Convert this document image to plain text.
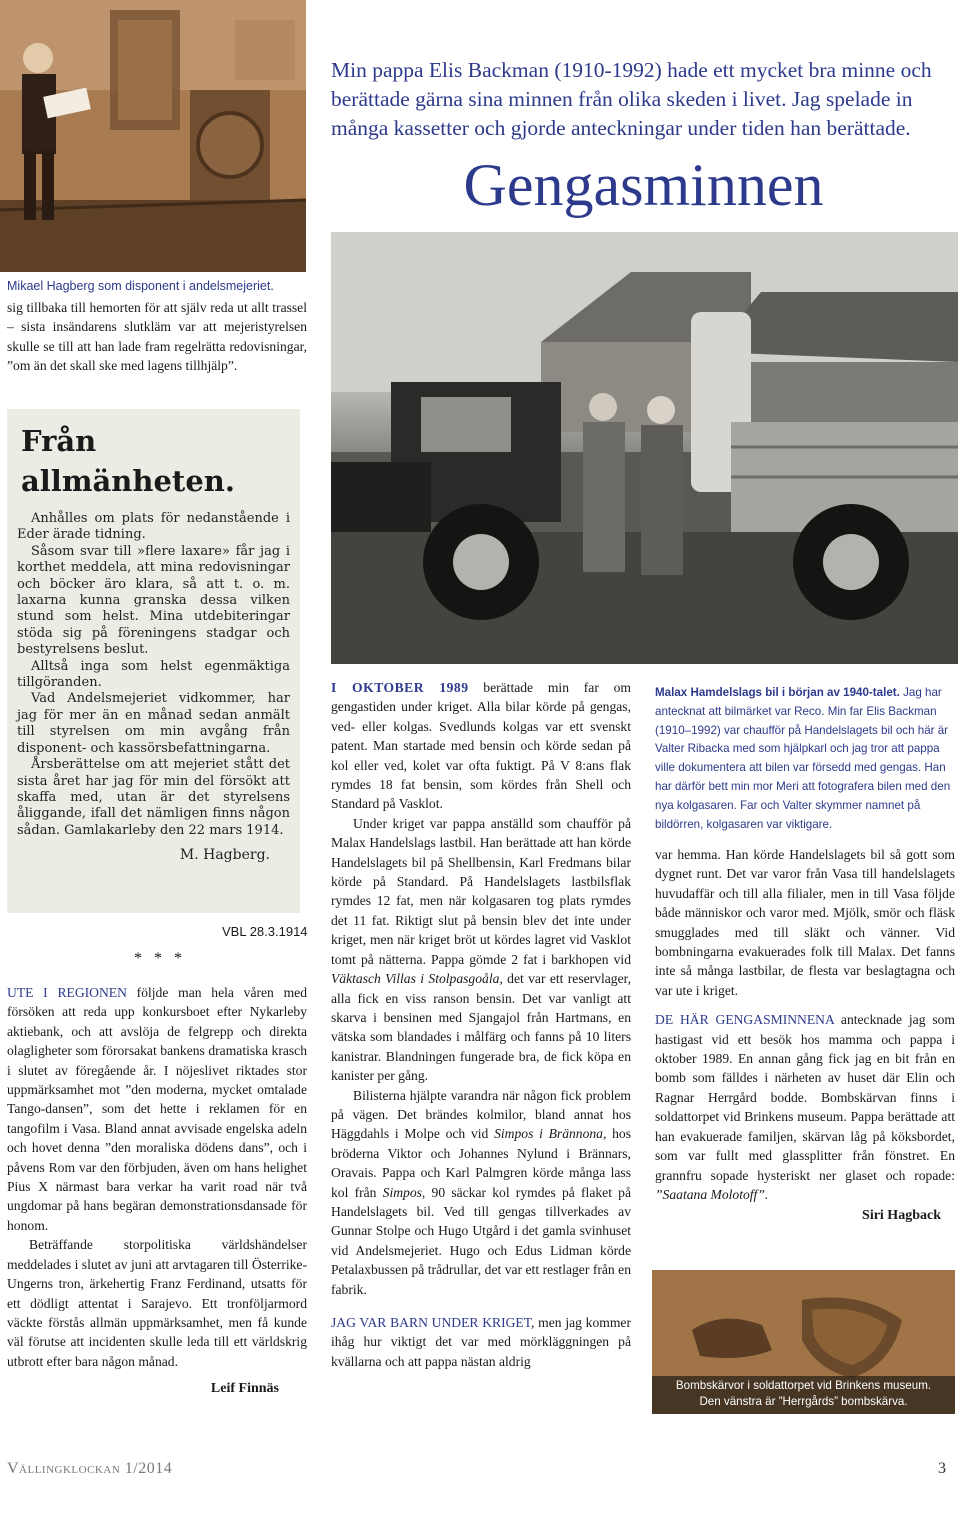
Min pappa Elis Backman (1910-1992) hade ett mycket bra minne och berättade gärna sina minnen från olika skeden i livet. Jag spelade in många kassetter och gjorde anteckningar under tiden han berättade.

Gengasminnen
Mikael Hagberg som disponent i andelsmejeriet.

sig tillbaka till hemorten för att själv reda ut allt trassel – sista insändarens slutkläm var att mejeristyrelsen skulle se till att han lade fram regelrätta redovisningar, ”om än det skall ske med lagens tillhjälp”.

Från allmänheten.

Anhålles om plats för nedanstående i Eder ärade tidning.

Såsom svar till »flere laxare» får jag i korthet meddela, att mina redovisningar och böcker äro klara, så att t. o. m. laxarna kunna granska dessa vilken stund som helst. Mina utdebiteringar stöda sig på föreningens stadgar och bestyrelsens beslut.

Alltså inga som helst egenmäktiga tillgöranden.

Vad Andelsmejeriet vidkommer, har jag för mer än en månad sedan anmält till styrelsen om min avgång från disponent- och kassörsbefattningarna.

Årsberättelse om att mejeriet stått det sista året har jag för min del försökt att skaffa med, utan är det styrelsens åliggande, ifall det nämligen finns någon sådan. Gamlakarleby den 22 mars 1914.

M. Hagberg.
VBL 28.3.1914
*   *   *

UTE I REGIONEN följde man hela våren med försöken att reda upp konkursboet efter Nykarleby aktiebank, och att avslöja de felgrepp och direkta olagligheter som förorsakat bankens dramatiska krasch i slutet av föregående år. I nöjeslivet riktades stor uppmärksamhet mot ”den moderna, mycket omtalade Tango-dansen”, som det hette i reklamen för en tangofilm i Vasa. Bland annat avvisade engelska adeln och hovet denna ”den moraliska dödens dans”, och i påvens Rom var den förbjuden, även om hans helighet Pius X närmast bara verkar ha varit road när två ungdomar på hans begäran demonstrationsdansade för honom.

Beträffande storpolitiska världshändelser meddelades i slutet av juni att arvtagaren till Österrike-Ungerns tron, ärkehertig Franz Ferdinand, utsatts för ett dödligt attentat i Sarajevo. Ett tronföljarmord väckte förstås allmän uppmärksamhet, men få kunde väl förutse att incidenten skulle leda till ett världskrig utbrott efter bara någon månad.

Leif Finnäs

I OKTOBER 1989 berättade min far om gengastiden under kriget. Alla bilar körde på gengas, ved- eller kolgas. Svedlunds kolgas var ett svenskt patent. Man startade med bensin och körde sedan på kol eller ved, kolet var ofta fuktigt. På V 8:ans flak rymdes 18 fat bensin, som kördes från Shell och Standard på Vasklot.

Under kriget var pappa anställd som chaufför på Malax Handelslags lastbil. Han berättade att han körde Handelslagets bil på Shellbensin, Karl Fredmans bilar körde på Standard. På Handelslagets lastbilsflak rymdes 12 fat, men när kolgasaren tog plats rymdes det 11 fat. Riktigt slut på bensin blev det inte under kriget, men när kriget bröt ut kördes lagret vid Vasklot tomt på nätterna. Pappa gömde 2 fat i barkhopen vid Väktasch Villas i Stolpasgoåla, det var ett reservlager, alla fick en viss ranson bensin. Det var vanligt att skarva i bensinen med Sjangajol från Hartmans, en vätska som blandades i målfärg och fanns på 10 liters kanistrar. Blandningen fungerade bra, de fick köpa en kanister per gång.

Bilisterna hjälpte varandra när någon fick problem på vägen. Det brändes kolmilor, bland annat hos Häggdahls i Molpe och vid Simpos i Brännona, hos bröderna Viktor och Johannes Nylund i Brännars, Oravais. Pappa och Karl Palmgren körde många lass kol från Simpos, 90 säckar kol rymdes på flaket på Handelslagets bil. Ved till gengas tillverkades av Gunnar Stolpe och Hugo Utgård i det gamla svinhuset vid Andelsmejeriet. Hugo och Edus Lidman körde Petalaxbussen på trådrullar, det var ett restlager från en fabrik.

JAG VAR BARN UNDER KRIGET, men jag kommer ihåg hur viktigt det var med mörkläggningen på kvällarna och att pappa nästan aldrig

Malax Hamdelslags bil i början av 1940-talet. Jag har antecknat att bilmärket var Reco. Min far Elis Backman (1910–1992) var chaufför på Handelslagets bil och här är Valter Ribacka med som hjälpkarl och jag tror att pappa ville dokumentera att bilen var försedd med gengas. Han har därför bett min mor Meri att fotografera bilen med den nya kolgasaren. Far och Valter skymmer namnet på bildörren, kolgasaren var viktigare.

var hemma. Han körde Handelslagets bil så gott som dygnet runt. Det var varor från Vasa till handelslagets huvudaffär och till alla filialer, men in till Vasa följde både människor och varor med. Mjölk, smör och fläsk smugglades med till släkt och vänner. Vid bombningarna evakuerades folk till Malax. Det fanns inte så många lastbilar, de flesta var beslagtagna och var ute i kriget.

DE HÄR GENGASMINNENA antecknade jag som hastigast vid ett besök hos mamma och pappa i oktober 1989. En annan gång fick jag en bit från en bomb som fälldes i närheten av huset där Elin och Ragnar Herrgård bodde. Bombskärvan finns i soldattorpet vid Brinkens museum. Pappa berättade att han evakuerade familjen, skärvan låg på köksbordet, som var fullt med glassplitter från fönstret. En grannfru sopade hysteriskt ner glaset och ropade: ”Saatana Molotoff”.

Siri Hagback
Bombskärvor i soldattorpet vid Brinkens museum.
Den vänstra är ”Herrgårds” bombskärva.
Vällingklockan 1/2014	3
